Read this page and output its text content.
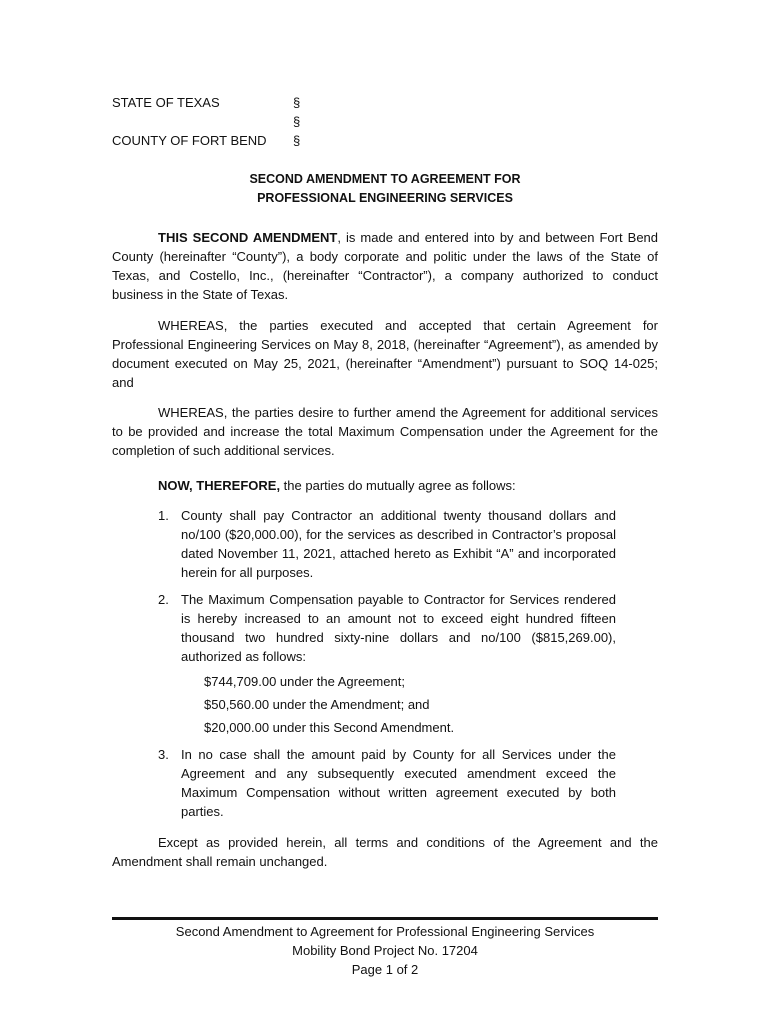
STATE OF TEXAS	§
§
COUNTY OF FORT BEND §
SECOND AMENDMENT TO AGREEMENT FOR
PROFESSIONAL ENGINEERING SERVICES
THIS SECOND AMENDMENT, is made and entered into by and between Fort Bend County (hereinafter “County”), a body corporate and politic under the laws of the State of Texas, and Costello, Inc., (hereinafter “Contractor”), a company authorized to conduct business in the State of Texas.
WHEREAS, the parties executed and accepted that certain Agreement for Professional Engineering Services on May 8, 2018, (hereinafter “Agreement”), as amended by document executed on May 25, 2021, (hereinafter “Amendment”) pursuant to SOQ 14-025; and
WHEREAS, the parties desire to further amend the Agreement for additional services to be provided and increase the total Maximum Compensation under the Agreement for the completion of such additional services.
NOW, THEREFORE, the parties do mutually agree as follows:
1. County shall pay Contractor an additional twenty thousand dollars and no/100 ($20,000.00), for the services as described in Contractor’s proposal dated November 11, 2021, attached hereto as Exhibit “A” and incorporated herein for all purposes.
2. The Maximum Compensation payable to Contractor for Services rendered is hereby increased to an amount not to exceed eight hundred fifteen thousand two hundred sixty-nine dollars and no/100 ($815,269.00), authorized as follows:
$744,709.00 under the Agreement;
$50,560.00 under the Amendment; and
$20,000.00 under this Second Amendment.
3. In no case shall the amount paid by County for all Services under the Agreement and any subsequently executed amendment exceed the Maximum Compensation without written agreement executed by both parties.
Except as provided herein, all terms and conditions of the Agreement and the Amendment shall remain unchanged.
Second Amendment to Agreement for Professional Engineering Services
Mobility Bond Project No. 17204
Page 1 of 2
